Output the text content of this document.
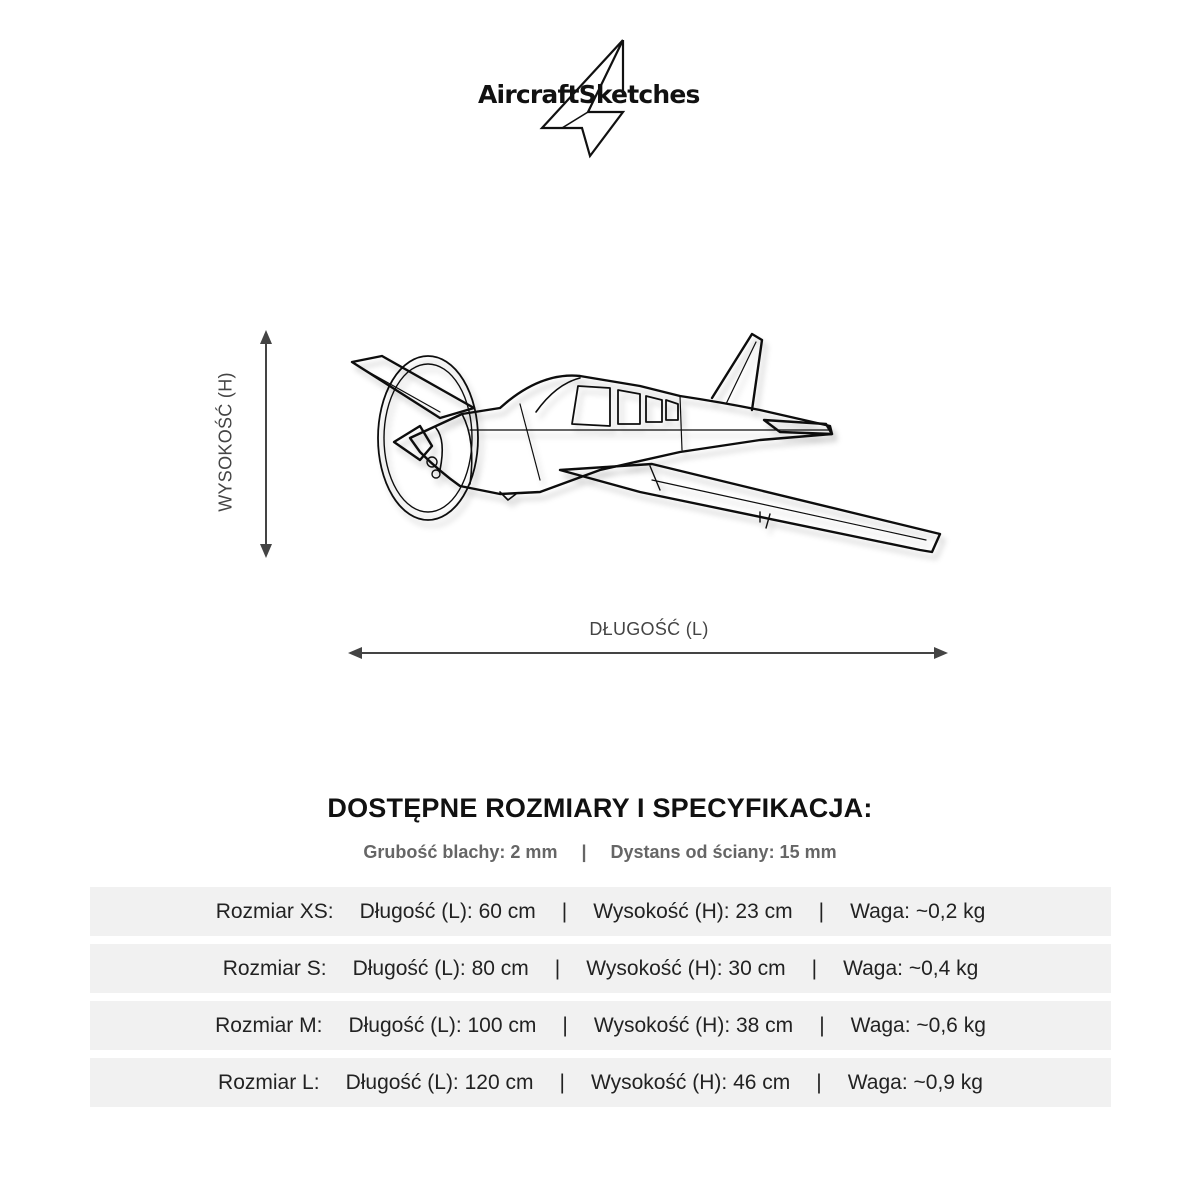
AircraftSketches
WYSOKOŚĆ (H)
DŁUGOŚĆ (L)
DOSTĘPNE ROZMIARY I SPECYFIKACJA:
Grubość blachy: 2 mm | Dystans od ściany: 15 mm
Rozmiar XS: Długość (L): 60 cm | Wysokość (H): 23 cm | Waga: ~0,2 kg
Rozmiar S: Długość (L): 80 cm | Wysokość (H): 30 cm | Waga: ~0,4 kg
Rozmiar M: Długość (L): 100 cm | Wysokość (H): 38 cm | Waga: ~0,6 kg
Rozmiar L: Długość (L): 120 cm | Wysokość (H): 46 cm | Waga: ~0,9 kg
